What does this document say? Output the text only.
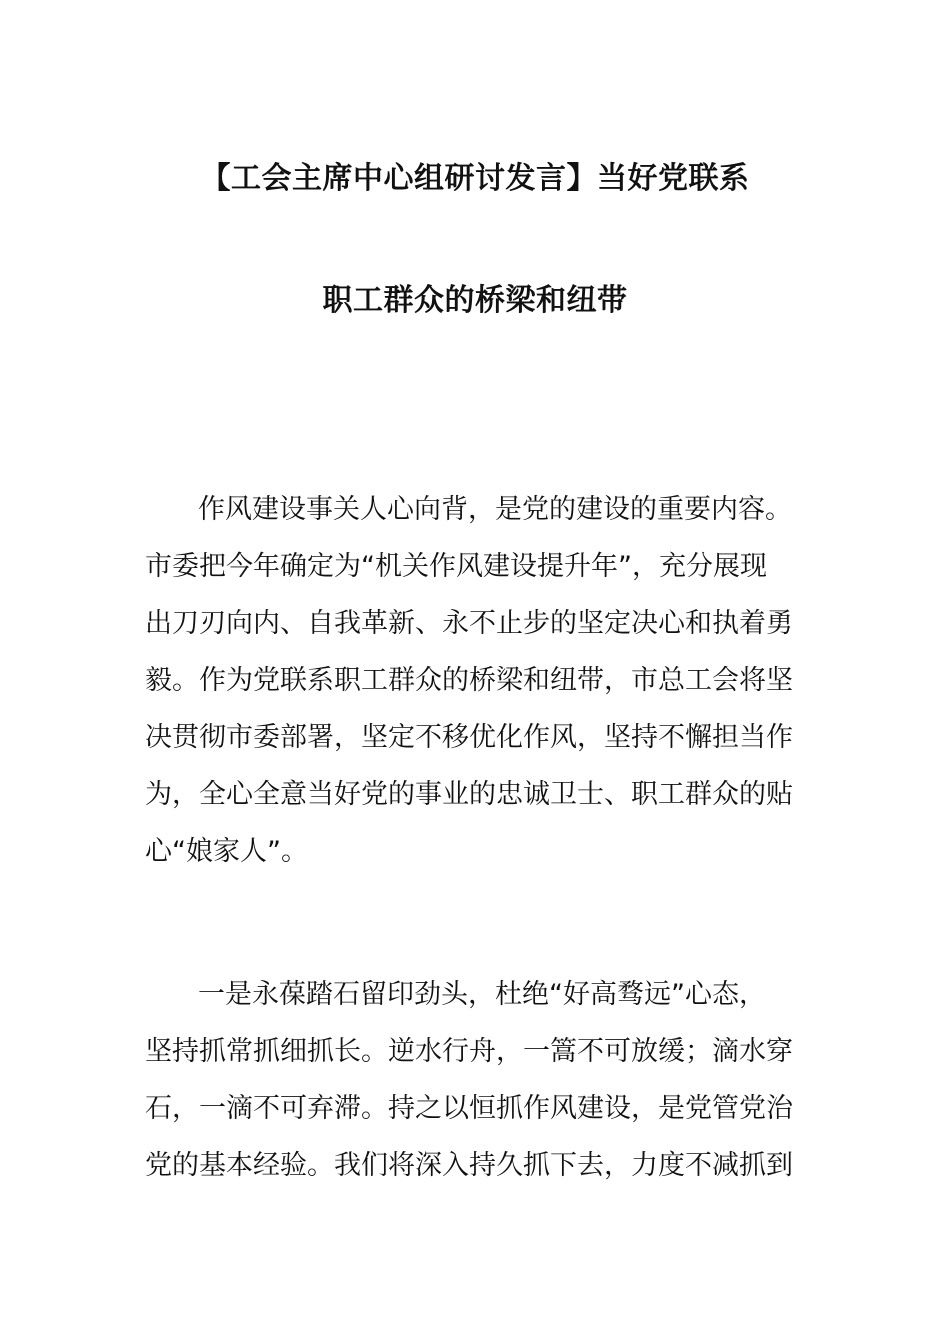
【工会主席中心组研讨发言】当好党联系
职工群众的桥梁和纽带
作风建设事关人心向背，是党的建设的重要内容。
市委把今年确定为“机关作风建设提升年”，充分展现
出刀刃向内、自我革新、永不止步的坚定决心和执着勇
毅。作为党联系职工群众的桥梁和纽带，市总工会将坚
决贯彻市委部署，坚定不移优化作风，坚持不懈担当作
为，全心全意当好党的事业的忠诚卫士、职工群众的贴
心“娘家人”。
一是永葆踏石留印劲头，杜绝“好高骛远”心态，
坚持抓常抓细抓长。逆水行舟，一篙不可放缓；滴水穿
石，一滴不可弃滞。持之以恒抓作风建设，是党管党治
党的基本经验。我们将深入持久抓下去，力度不减抓到
